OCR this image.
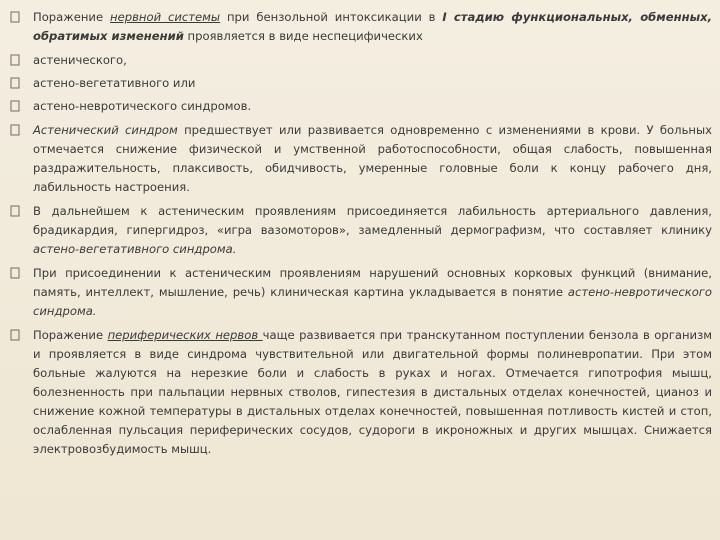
Поражение нервной системы при бензольной интоксикации в I стадию функциональных, обменных, обратимых изменений проявляется в виде неспецифических

астенического,

астено-вегетативного или

астено-невротического синдромов.

Астенический синдром предшествует или развивается одновременно с изменениями в крови. У больных отмечается снижение физической и умственной работоспособности, общая слабость, повышенная раздражительность, плаксивость, обидчивость, умеренные головные боли к концу рабочего дня, лабильность настроения.

В дальнейшем к астеническим проявлениям присоединяется лабильность артериального давления, брадикардия, гипергидроз, «игра вазомоторов», замедленный дермографизм, что составляет клинику астено-вегетативного синдрома.

При присоединении к астеническим проявлениям нарушений основных корковых функций (внимание, память, интеллект, мышление, речь) клиническая картина укладывается в понятие астено-невротического синдрома.

Поражение периферических нервов чаще развивается при транскутанном поступлении бензола в организм и проявляется в виде синдрома чувствительной или двигательной формы полиневропатии. При этом больные жалуются на нерезкие боли и слабость в руках и ногах. Отмечается гипотрофия мышц, болезненность при пальпации нервных стволов, гипестезия в дистальных отделах конечностей, цианоз и снижение кожной температуры в дистальных отделах конечностей, повышенная потливость кистей и стоп, ослабленная пульсация периферических сосудов, судороги в икроножных и других мышцах. Снижается электровозбудимость мышц.
